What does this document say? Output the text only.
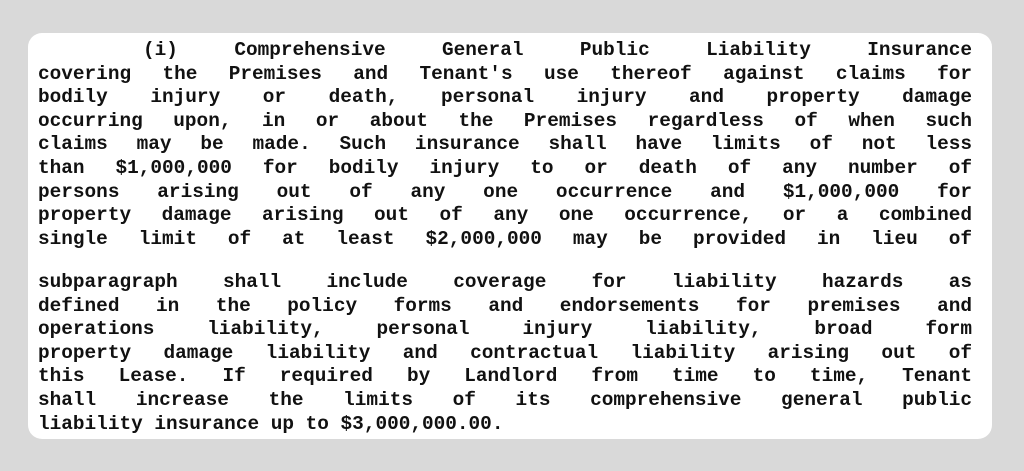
(i) Comprehensive General Public Liability Insurance
covering the Premises and Tenant's use thereof against claims for
bodily injury or death, personal injury and property damage
occurring upon, in or about the Premises regardless of when such
claims may be made. Such insurance shall have limits of not less
than $1,000,000 for bodily injury to or death of any number of
persons arising out of any one occurrence and $1,000,000 for
property damage arising out of any one occurrence, or a combined
single limit of at least $2,000,000 may be provided in lieu of
subparagraph shall include coverage for liability hazards as
defined in the policy forms and endorsements for premises and
operations liability, personal injury liability, broad form
property damage liability and contractual liability arising out of
this Lease. If required by Landlord from time to time, Tenant
shall increase the limits of its comprehensive general public
liability insurance up to $3,000,000.00.
